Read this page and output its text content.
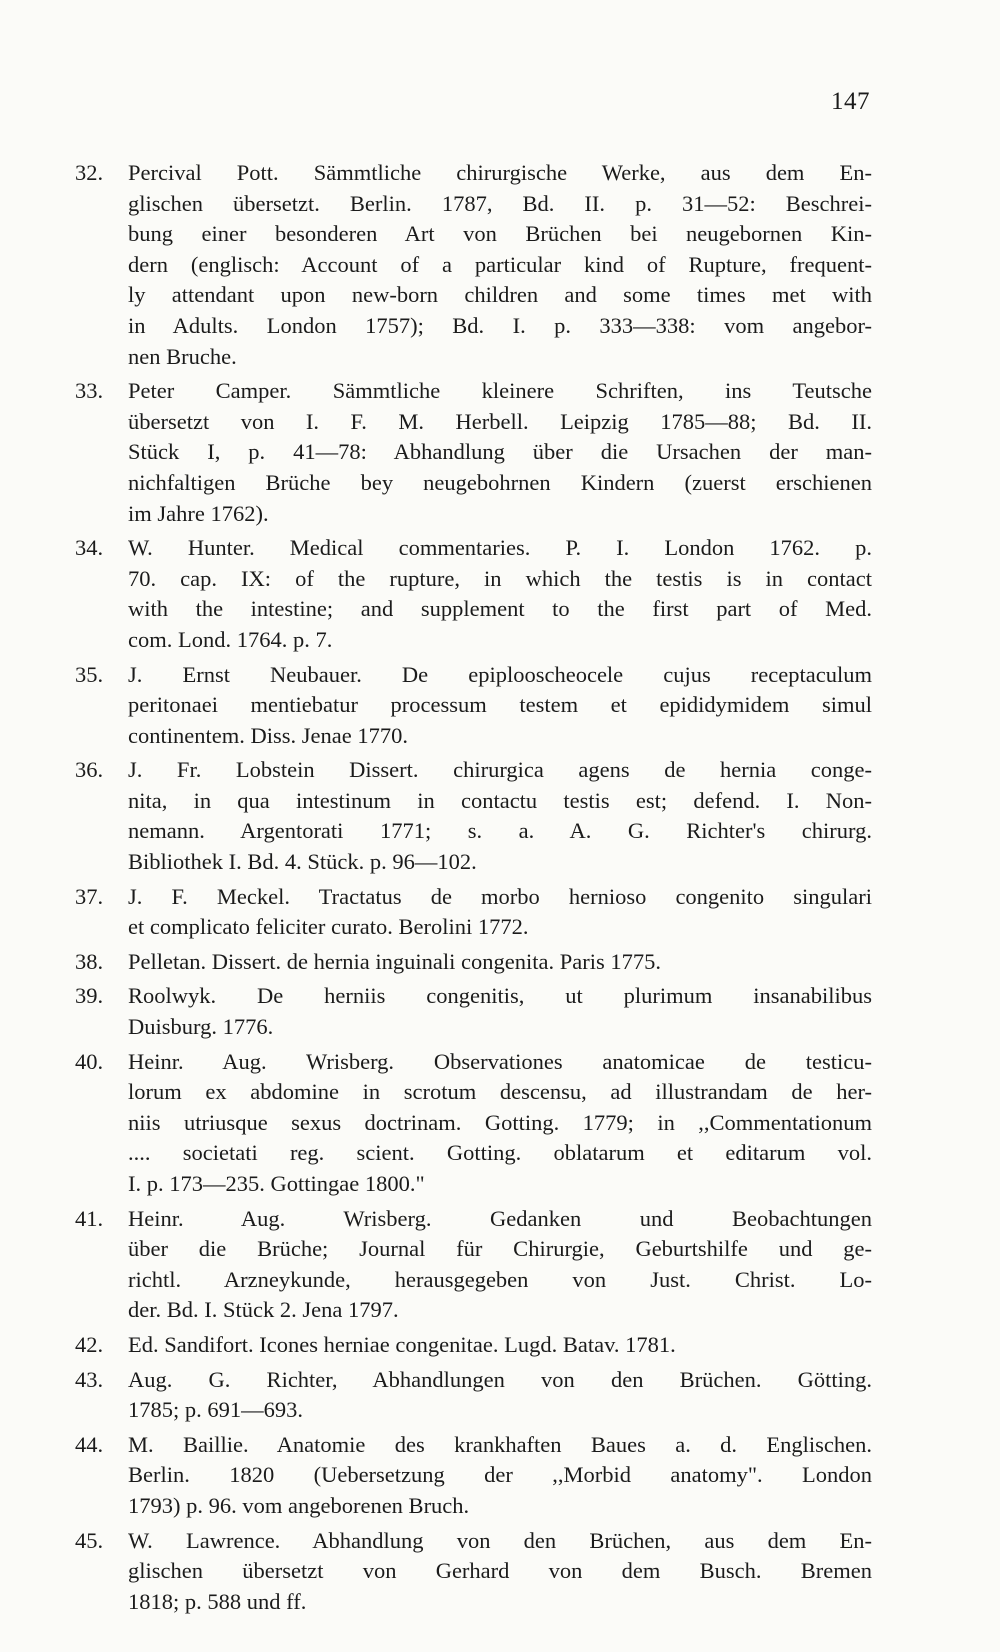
147
32.	Percival Pott. Sämmtliche chirurgische Werke, aus dem En-
glischen übersetzt. Berlin. 1787, Bd. II. p. 31—52: Beschrei-
bung einer besonderen Art von Brüchen bei neugebornen Kin-
dern (englisch: Account of a particular kind of Rupture, frequent-
ly attendant upon new-born children and some times met with
in Adults. London 1757); Bd. I. p. 333—338: vom angebor-
nen Bruche.
33.	Peter Camper. Sämmtliche kleinere Schriften, ins Teutsche
übersetzt von I. F. M. Herbell. Leipzig 1785—88; Bd. II.
Stück I, p. 41—78: Abhandlung über die Ursachen der man-
nichfaltigen Brüche bey neugebohrnen Kindern (zuerst erschienen
im Jahre 1762).
34.	W. Hunter. Medical commentaries. P. I. London 1762. p.
70. cap. IX: of the rupture, in which the testis is in contact
with the intestine; and supplement to the first part of Med.
com. Lond. 1764. p. 7.
35.	J. Ernst Neubauer. De epiplooscheocele cujus receptaculum
peritonaei mentiebatur processum testem et epididymidem simul
continentem. Diss. Jenae 1770.
36.	J. Fr. Lobstein Dissert. chirurgica agens de hernia conge-
nita, in qua intestinum in contactu testis est; defend. I. Non-
nemann. Argentorati 1771; s. a. A. G. Richter's chirurg.
Bibliothek I. Bd. 4. Stück. p. 96—102.
37.	J. F. Meckel. Tractatus de morbo hernioso congenito singulari
et complicato feliciter curato. Berolini 1772.
38.	Pelletan. Dissert. de hernia inguinali congenita. Paris 1775.
39.	Roolwyk. De herniis congenitis, ut plurimum insanabilibus
Duisburg. 1776.
40.	Heinr. Aug. Wrisberg. Observationes anatomicae de testicu-
lorum ex abdomine in scrotum descensu, ad illustrandam de her-
niis utriusque sexus doctrinam. Gotting. 1779; in ,,Commentationum
.... societati reg. scient. Gotting. oblatarum et editarum vol.
I. p. 173—235. Gottingae 1800."
41.	Heinr. Aug. Wrisberg. Gedanken und Beobachtungen
über die Brüche; Journal für Chirurgie, Geburtshilfe und ge-
richtl. Arzneykunde, herausgegeben von Just. Christ. Lo-
der. Bd. I. Stück 2. Jena 1797.
42.	Ed. Sandifort. Icones herniae congenitae. Lugd. Batav. 1781.
43.	Aug. G. Richter, Abhandlungen von den Brüchen. Götting.
1785; p. 691—693.
44.	M. Baillie. Anatomie des krankhaften Baues a. d. Englischen.
Berlin. 1820 (Uebersetzung der ,,Morbid anatomy". London
1793) p. 96. vom angeborenen Bruch.
45.	W. Lawrence. Abhandlung von den Brüchen, aus dem En-
glischen übersetzt von Gerhard von dem Busch. Bremen
1818; p. 588 und ff.
